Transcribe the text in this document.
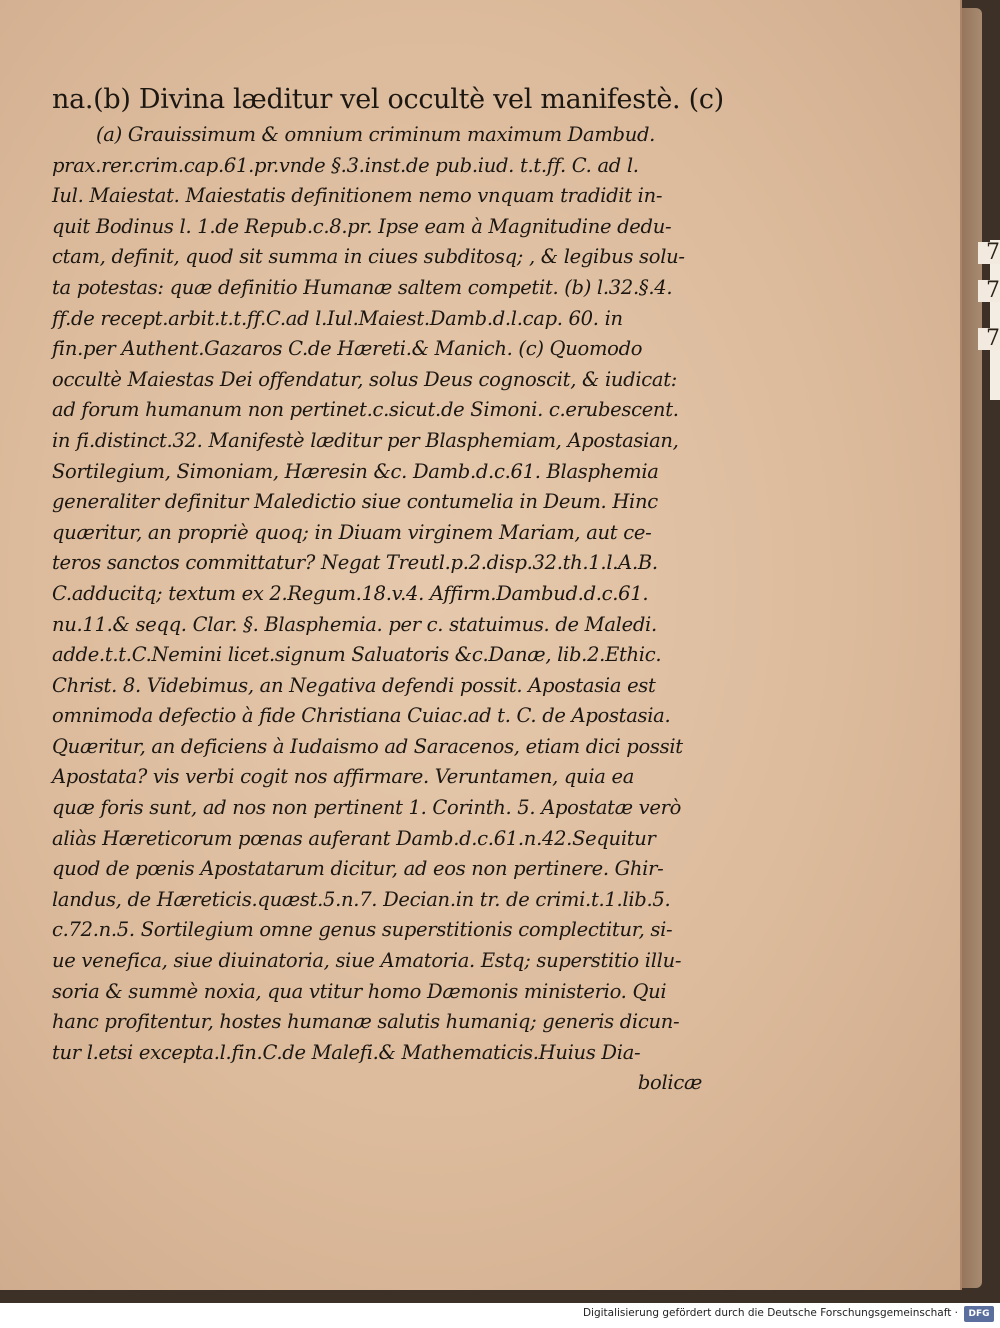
7
7
7
na.(b) Divina læditur vel occultè vel manifestè. (c)
(a) Grauissimum & omnium criminum maximum Dambud.
prax.rer.crim.cap.61.pr.vnde §.3.inst.de pub.iud. t.t.ff. C. ad l.
Iul. Maiestat. Maiestatis definitionem nemo vnquam tradidit in-
quit Bodinus l. 1.de Repub.c.8.pr. Ipse eam à Magnitudine dedu-
ctam, definit, quod sit summa in ciues subditosq; , & legibus solu-
ta potestas: quæ definitio Humanæ saltem competit. (b) l.32.§.4.
ff.de recept.arbit.t.t.ff.C.ad l.Iul.Maiest.Damb.d.l.cap. 60. in
fin.per Authent.Gazaros C.de Hæreti.& Manich. (c) Quomodo
occultè Maiestas Dei offendatur, solus Deus cognoscit, & iudicat:
ad forum humanum non pertinet.c.sicut.de Simoni. c.erubescent.
in fi.distinct.32. Manifestè læditur per Blasphemiam, Apostasian,
Sortilegium, Simoniam, Hæresin &c. Damb.d.c.61. Blasphemia
generaliter definitur Maledictio siue contumelia in Deum. Hinc
quæritur, an propriè quoq; in Diuam virginem Mariam, aut ce-
teros sanctos committatur? Negat Treutl.p.2.disp.32.th.1.l.A.B.
C.adducitq; textum ex 2.Regum.18.v.4. Affirm.Dambud.d.c.61.
nu.11.& seqq. Clar. §. Blasphemia. per c. statuimus. de Maledi.
adde.t.t.C.Nemini licet.signum Saluatoris &c.Danæ, lib.2.Ethic.
Christ. 8. Videbimus, an Negativa defendi possit. Apostasia est
omnimoda defectio à fide Christiana Cuiac.ad t. C. de Apostasia.
Quæritur, an deficiens à Iudaismo ad Saracenos, etiam dici possit
Apostata? vis verbi cogit nos affirmare. Veruntamen, quia ea
quæ foris sunt, ad nos non pertinent 1. Corinth. 5. Apostatæ verò
aliàs Hæreticorum pœnas auferant Damb.d.c.61.n.42.Sequitur
quod de pœnis Apostatarum dicitur, ad eos non pertinere. Ghir-
landus, de Hæreticis.quæst.5.n.7. Decian.in tr. de crimi.t.1.lib.5.
c.72.n.5. Sortilegium omne genus superstitionis complectitur, si-
ue venefica, siue diuinatoria, siue Amatoria. Estq; superstitio illu-
soria & summè noxia, qua vtitur homo Dæmonis ministerio. Qui
hanc profitentur, hostes humanæ salutis humaniq; generis dicun-
tur l.etsi excepta.l.fin.C.de Malefi.& Mathematicis.Huius Dia-
bolicæ
Digitalisierung gefördert durch die Deutsche Forschungsgemeinschaft ·	DFG
